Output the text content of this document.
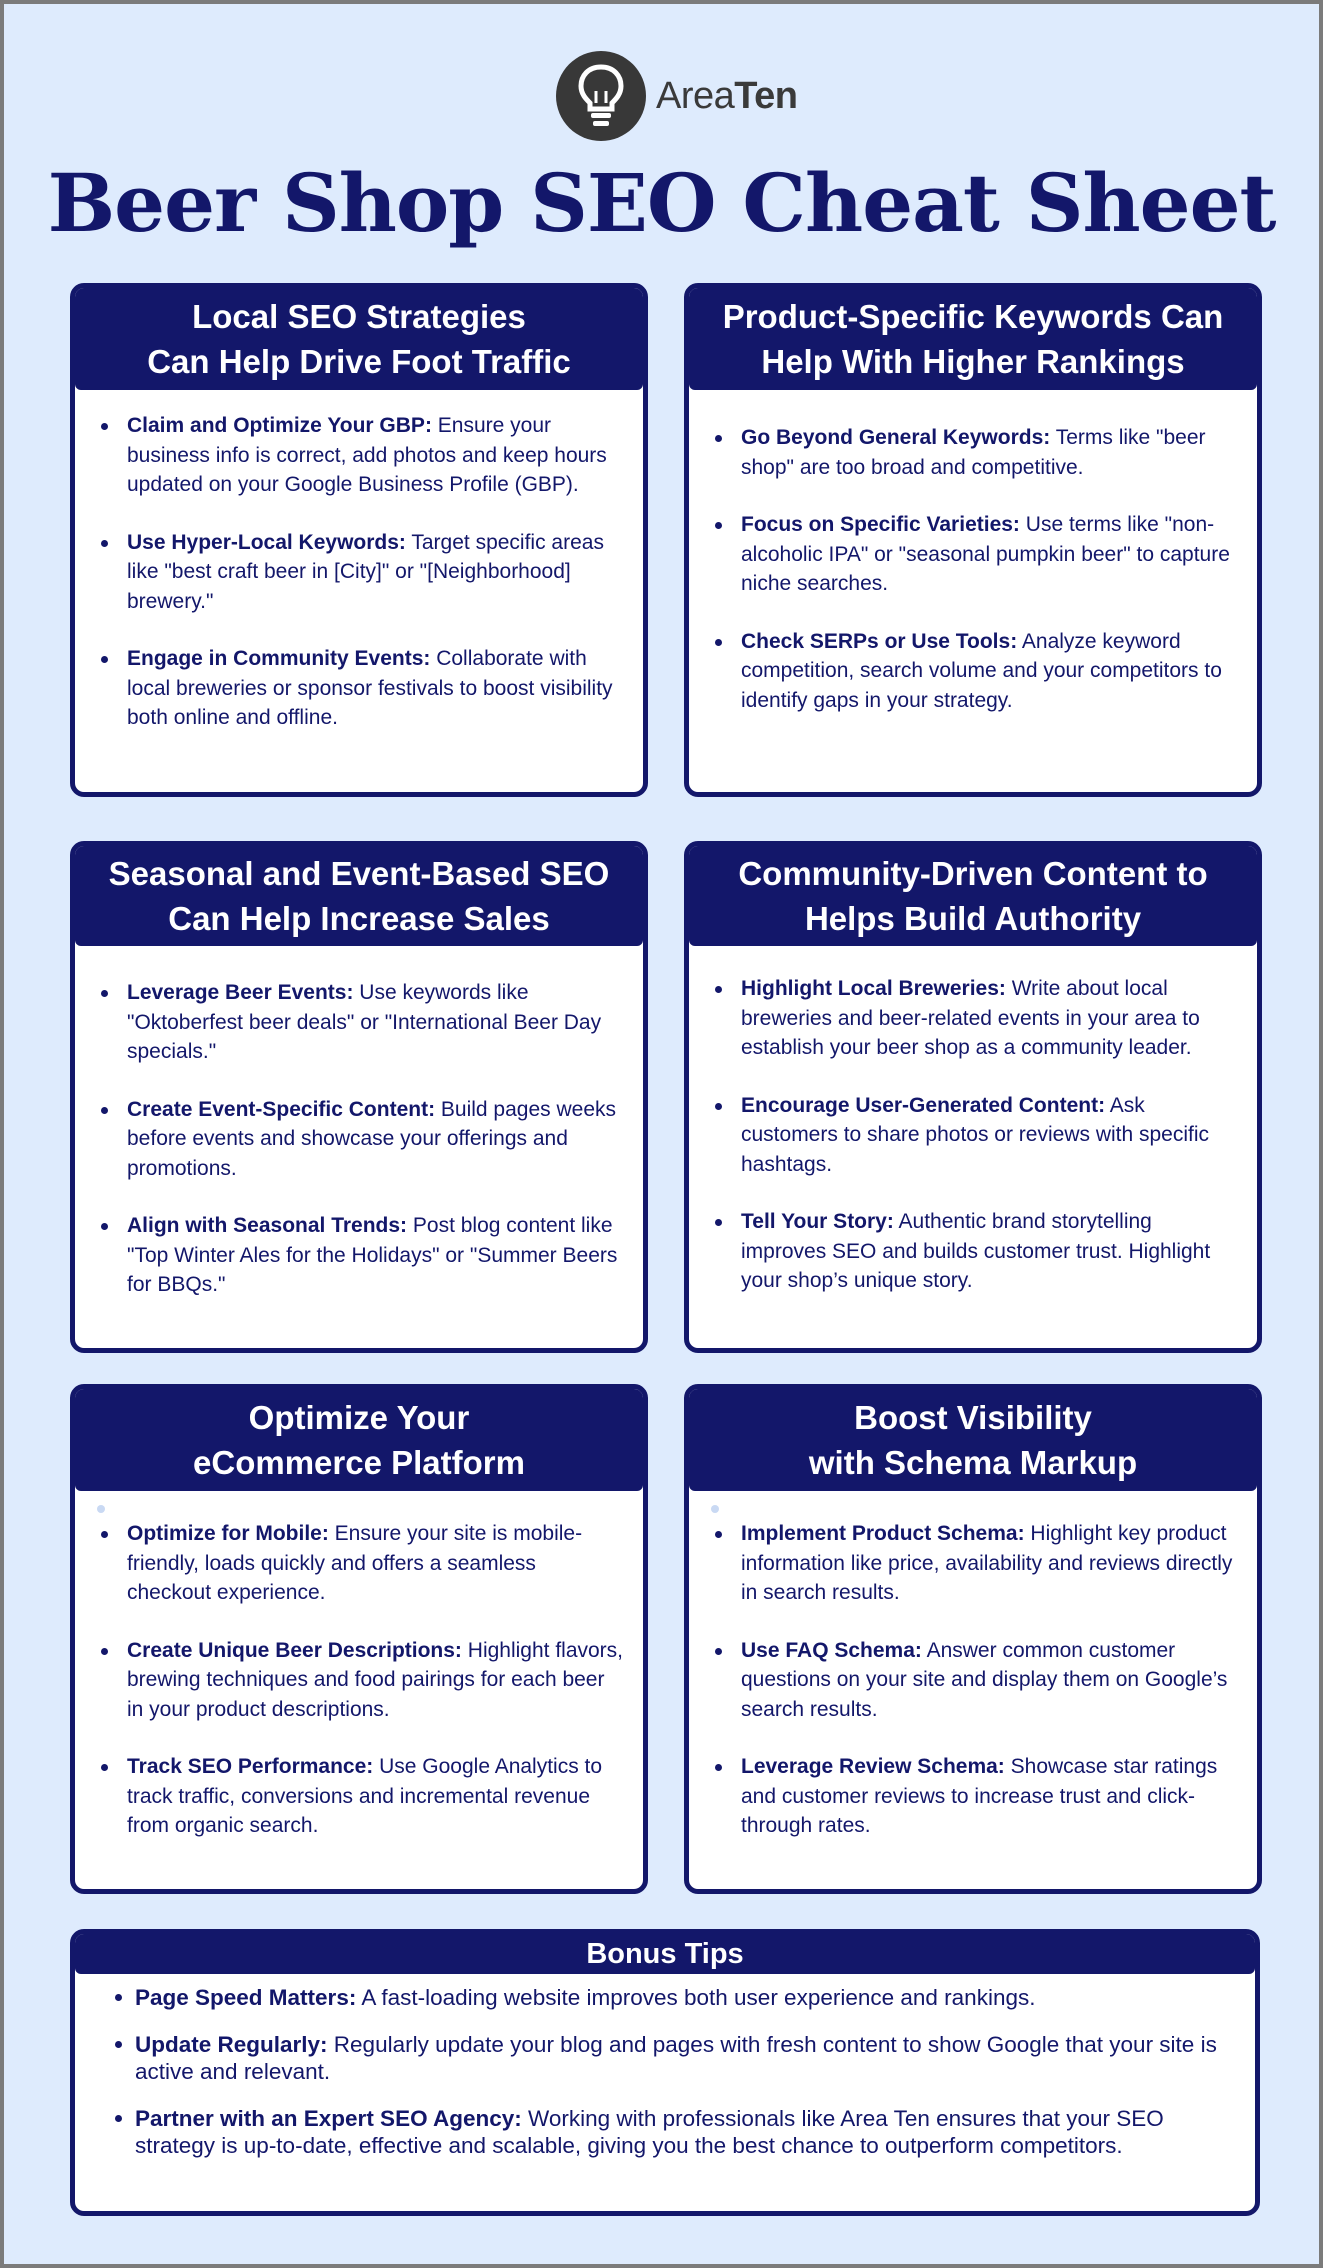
AreaTen
Beer Shop SEO Cheat Sheet
Local SEO Strategies
Can Help Drive Foot Traffic
Claim and Optimize Your GBP: Ensure your business info is correct, add photos and keep hours updated on your Google Business Profile (GBP).
Use Hyper-Local Keywords: Target specific areas like "best craft beer in [City]" or "[Neighborhood] brewery."
Engage in Community Events: Collaborate with local breweries or sponsor festivals to boost visibility both online and offline.
Product-Specific Keywords Can
Help With Higher Rankings
Go Beyond General Keywords: Terms like "beer shop" are too broad and competitive.
Focus on Specific Varieties: Use terms like "non-alcoholic IPA" or "seasonal pumpkin beer" to capture niche searches.
Check SERPs or Use Tools: Analyze keyword competition, search volume and your competitors to identify gaps in your strategy.
Seasonal and Event-Based SEO
Can Help Increase Sales
Leverage Beer Events: Use keywords like "Oktoberfest beer deals" or "International Beer Day specials."
Create Event-Specific Content: Build pages weeks before events and showcase your offerings and promotions.
Align with Seasonal Trends: Post blog content like "Top Winter Ales for the Holidays" or "Summer Beers for BBQs."
Community-Driven Content to
Helps Build Authority
Highlight Local Breweries: Write about local breweries and beer-related events in your area to establish your beer shop as a community leader.
Encourage User-Generated Content: Ask customers to share photos or reviews with specific hashtags.
Tell Your Story: Authentic brand storytelling improves SEO and builds customer trust. Highlight your shop’s unique story.
Optimize Your
eCommerce Platform
Optimize for Mobile: Ensure your site is mobile-friendly, loads quickly and offers a seamless checkout experience.
Create Unique Beer Descriptions: Highlight flavors, brewing techniques and food pairings for each beer in your product descriptions.
Track SEO Performance: Use Google Analytics to track traffic, conversions and incremental revenue from organic search.
Boost Visibility
with Schema Markup
Implement Product Schema: Highlight key product information like price, availability and reviews directly in search results.
Use FAQ Schema: Answer common customer questions on your site and display them on Google’s search results.
Leverage Review Schema: Showcase star ratings and customer reviews to increase trust and click-through rates.
Bonus Tips
Page Speed Matters: A fast-loading website improves both user experience and rankings.
Update Regularly: Regularly update your blog and pages with fresh content to show Google that your site is active and relevant.
Partner with an Expert SEO Agency: Working with professionals like Area Ten ensures that your SEO strategy is up-to-date, effective and scalable, giving you the best chance to outperform competitors.
